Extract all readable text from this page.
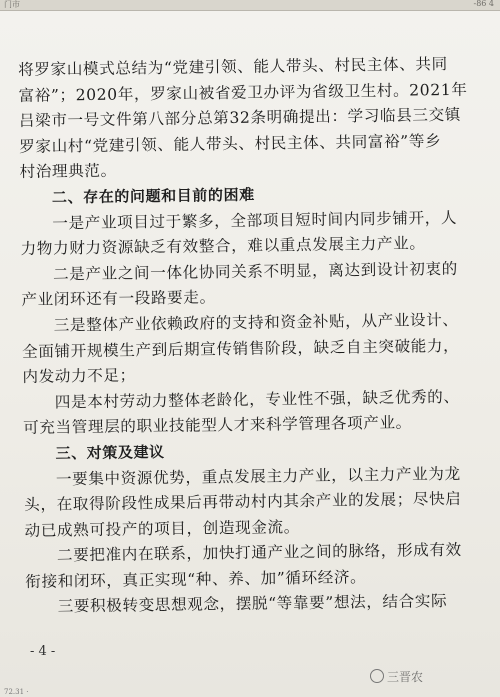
门市	-86 4
将罗家山模式总结为“党建引领、能人带头、村民主体、共同
富裕”；2020年，罗家山被省爱卫办评为省级卫生村。2021年
吕梁市一号文件第八部分总第32条明确提出：学习临县三交镇
罗家山村“党建引领、能人带头、村民主体、共同富裕”等乡
村治理典范。
二、存在的问题和目前的困难
一是产业项目过于繁多，全部项目短时间内同步铺开，人
力物力财力资源缺乏有效整合，难以重点发展主力产业。
二是产业之间一体化协同关系不明显，离达到设计初衷的
产业闭环还有一段路要走。
三是整体产业依赖政府的支持和资金补贴，从产业设计、
全面铺开规模生产到后期宣传销售阶段，缺乏自主突破能力，
内发动力不足；
四是本村劳动力整体老龄化，专业性不强，缺乏优秀的、
可充当管理层的职业技能型人才来科学管理各项产业。
三、对策及建议
一要集中资源优势，重点发展主力产业，以主力产业为龙
头，在取得阶段性成果后再带动村内其余产业的发展；尽快启
动已成熟可投产的项目，创造现金流。
二要把准内在联系，加快打通产业之间的脉络，形成有效
衔接和闭环，真正实现“种、养、加”循环经济。
三要积极转变思想观念，摆脱“等靠要”想法，结合实际
- 4 -
三晋农
72.31 ·
